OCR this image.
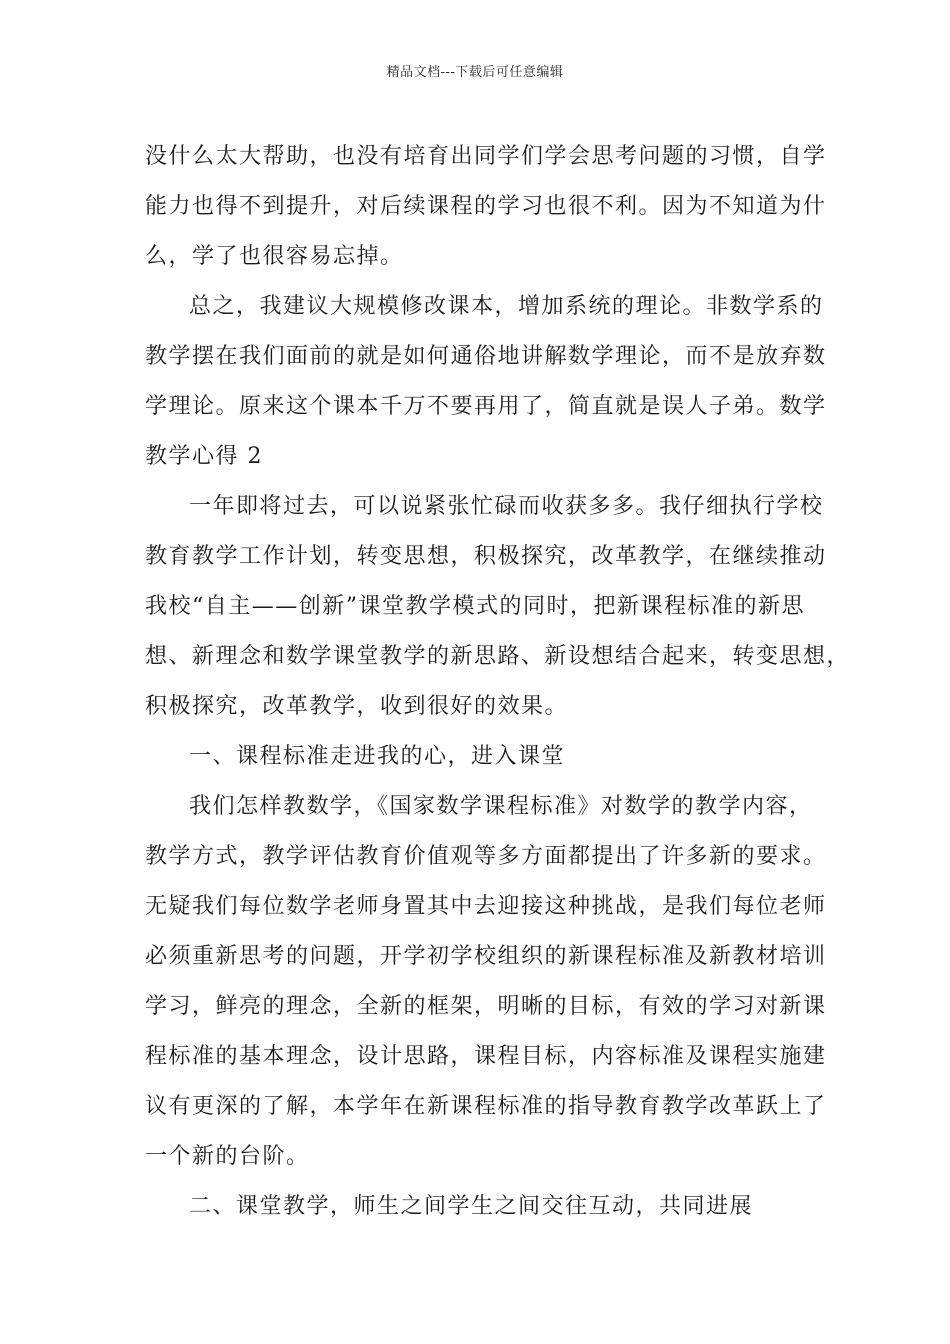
精品文档---下载后可任意编辑
没什么太大帮助，也没有培育出同学们学会思考问题的习惯，自学
能力也得不到提升，对后续课程的学习也很不利。因为不知道为什
么，学了也很容易忘掉。
总之，我建议大规模修改课本，增加系统的理论。非数学系的
教学摆在我们面前的就是如何通俗地讲解数学理论，而不是放弃数
学理论。原来这个课本千万不要再用了，简直就是误人子弟。数学
教学心得 2
一年即将过去，可以说紧张忙碌而收获多多。我仔细执行学校
教育教学工作计划，转变思想，积极探究，改革教学，在继续推动
我校“自主——创新”课堂教学模式的同时，把新课程标准的新思
想、新理念和数学课堂教学的新思路、新设想结合起来，转变思想，
积极探究，改革教学，收到很好的效果。
一、课程标准走进我的心，进入课堂
我们怎样教数学，《国家数学课程标准》对数学的教学内容，
教学方式，教学评估教育价值观等多方面都提出了许多新的要求。
无疑我们每位数学老师身置其中去迎接这种挑战，是我们每位老师
必须重新思考的问题，开学初学校组织的新课程标准及新教材培训
学习，鲜亮的理念，全新的框架，明晰的目标，有效的学习对新课
程标准的基本理念，设计思路，课程目标，内容标准及课程实施建
议有更深的了解，本学年在新课程标准的指导教育教学改革跃上了
一个新的台阶。
二、课堂教学，师生之间学生之间交往互动，共同进展
